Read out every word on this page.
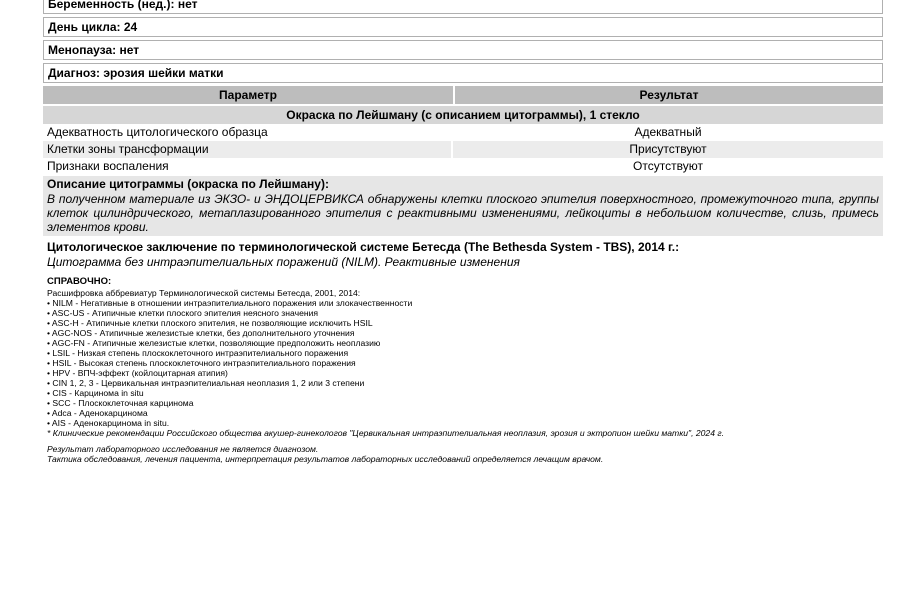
Беременность (нед.): нет
День цикла: 24
Менопауза: нет
Диагноз: эрозия шейки матки
Параметр	Результат
Окраска по Лейшману (с описанием цитограммы), 1 стекло
Адекватность цитологического образца	Адекватный
Клетки зоны трансформации	Присутствуют
Признаки воспаления	Отсутствуют
Описание цитограммы (окраска по Лейшману):
В полученном материале из ЭКЗО- и ЭНДОЦЕРВИКСА обнаружены клетки плоского эпителия поверхностного, промежуточного типа, группы клеток цилиндрического, метаплазированного эпителия с реактивными изменениями, лейкоциты в небольшом количестве, слизь, примесь элементов крови.
Цитологическое заключение по терминологической системе Бетесда (The Bethesda System - TBS), 2014 г.:
Цитограмма без интраэпителиальных поражений (NILM). Реактивные изменения
СПРАВОЧНО:
Расшифровка аббревиатур Терминологической системы Бетесда, 2001, 2014:
• NILM - Негативные в отношении интраэпителиального поражения или злокачественности
• ASC-US - Атипичные клетки плоского эпителия неясного значения
• ASC-H - Атипичные клетки плоского эпителия, не позволяющие исключить HSIL
• AGC-NOS - Атипичные железистые клетки, без дополнительного уточнения
• AGC-FN - Атипичные железистые клетки, позволяющие предположить неоплазию
• LSIL - Низкая степень плоскоклеточного интраэпителиального поражения
• HSIL - Высокая степень плоскоклеточного интраэпителиального поражения
• HPV - ВПЧ-эффект (койлоцитарная атипия)
• CIN 1, 2, 3 - Цервикальная интраэпителиальная неоплазия 1, 2 или 3 степени
• CIS - Карцинома in situ
• SCC - Плоскоклеточная карцинома
• Adca - Аденокарцинома
• AIS - Аденокарцинома in situ.
* Клинические рекомендации Российского общества акушер-гинекологов "Цервикальная интраэпителиальная неоплазия, эрозия и эктропион шейки матки", 2024 г.
Результат лабораторного исследования не является диагнозом.
Тактика обследования, лечения пациента, интерпретация результатов лабораторных исследований определяется лечащим врачом.
